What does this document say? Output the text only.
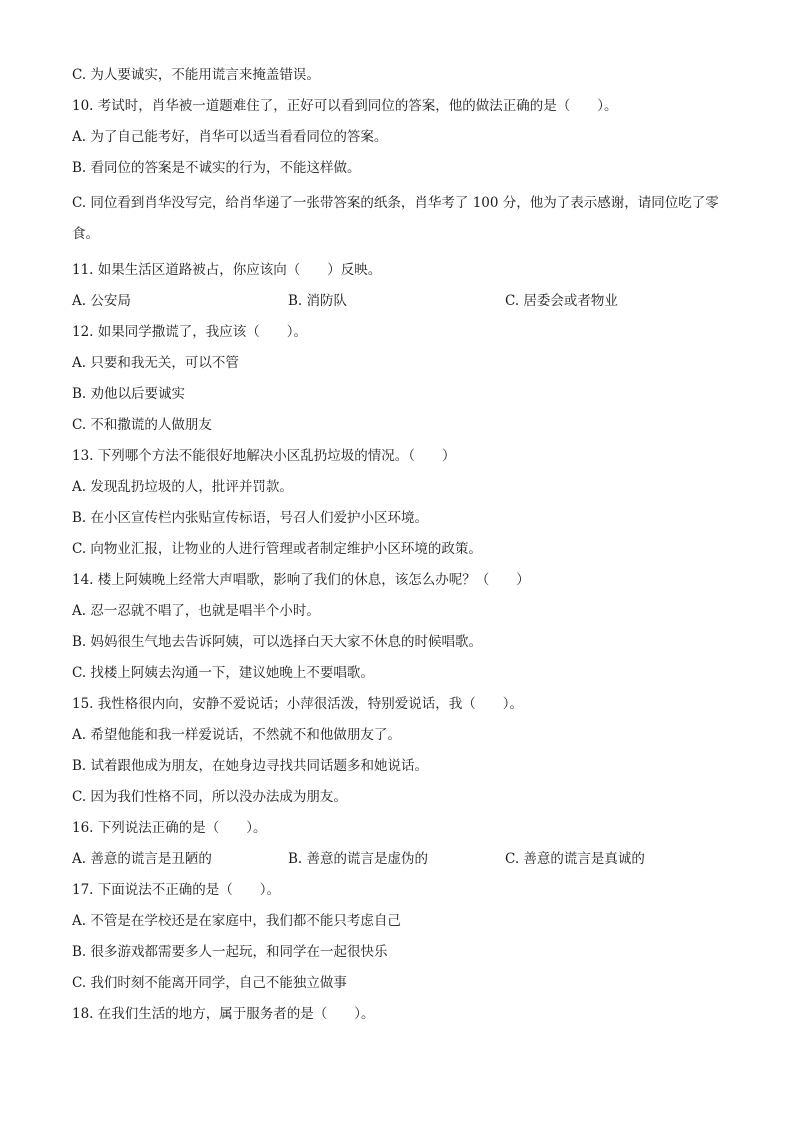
C. 为人要诚实，不能用谎言来掩盖错误。
10. 考试时，肖华被一道题难住了，正好可以看到同位的答案，他的做法正确的是（　　）。
A. 为了自己能考好，肖华可以适当看看同位的答案。
B. 看同位的答案是不诚实的行为，不能这样做。
C. 同位看到肖华没写完，给肖华递了一张带答案的纸条，肖华考了 100 分，他为了表示感谢，请同位吃了零食。
11. 如果生活区道路被占，你应该向（　　）反映。
A. 公安局	B. 消防队	C. 居委会或者物业
12. 如果同学撒谎了，我应该（　　）。
A. 只要和我无关，可以不管
B. 劝他以后要诚实
C. 不和撒谎的人做朋友
13. 下列哪个方法不能很好地解决小区乱扔垃圾的情况。（　　）
A. 发现乱扔垃圾的人，批评并罚款。
B. 在小区宣传栏内张贴宣传标语，号召人们爱护小区环境。
C. 向物业汇报，让物业的人进行管理或者制定维护小区环境的政策。
14. 楼上阿姨晚上经常大声唱歌，影响了我们的休息，该怎么办呢？（　　）
A. 忍一忍就不唱了，也就是唱半个小时。
B. 妈妈很生气地去告诉阿姨，可以选择白天大家不休息的时候唱歌。
C. 找楼上阿姨去沟通一下，建议她晚上不要唱歌。
15. 我性格很内向，安静不爱说话；小萍很活泼，特别爱说话，我（　　）。
A. 希望他能和我一样爱说话，不然就不和他做朋友了。
B. 试着跟他成为朋友，在她身边寻找共同话题多和她说话。
C. 因为我们性格不同，所以没办法成为朋友。
16. 下列说法正确的是（　　）。
A. 善意的谎言是丑陋的	B. 善意的谎言是虚伪的	C. 善意的谎言是真诚的
17. 下面说法不正确的是（　　）。
A. 不管是在学校还是在家庭中，我们都不能只考虑自己
B. 很多游戏都需要多人一起玩，和同学在一起很快乐
C. 我们时刻不能离开同学，自己不能独立做事
18. 在我们生活的地方，属于服务者的是（　　）。
